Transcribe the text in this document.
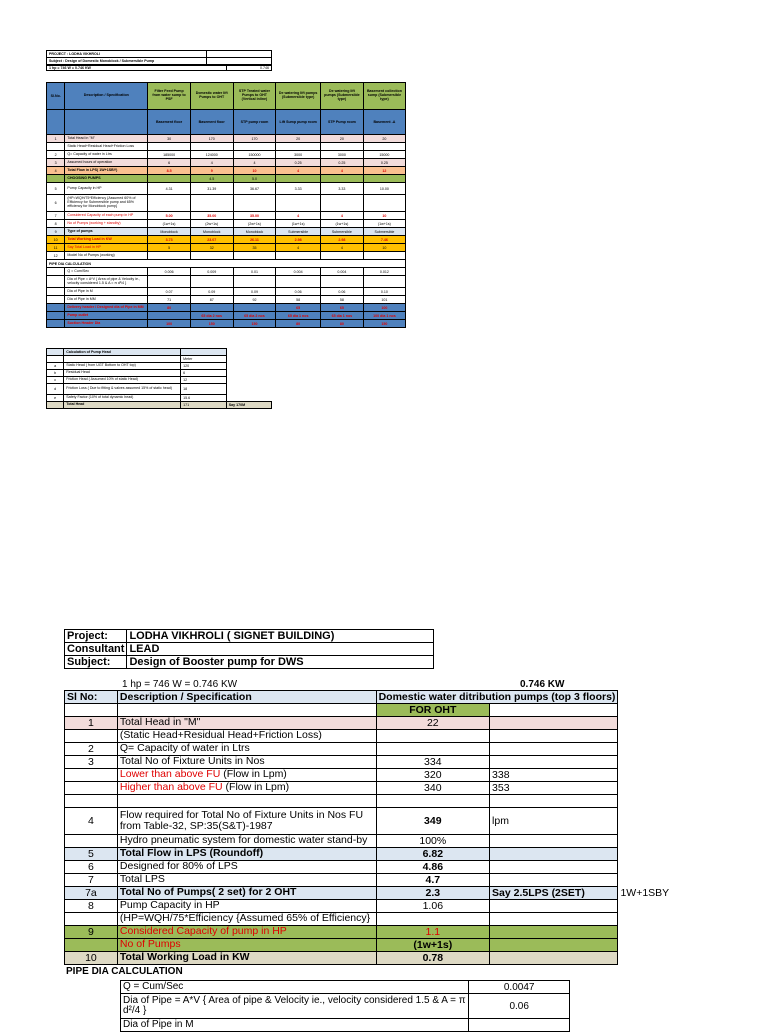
PROJECT : LODHA VIKHROLI	
Subject : Design of Domestic Monoblock / Submersible Pump	
1 hp = 746 W = 0.746 KW	0.746
Sl.No.	Description / Specification	Filter Feed Pump from water sump to PSF	Domestic water lift Pumps to OHT	STP Treated water Pumps to OHT (Vertical inline)	De watering lift pumps (Submersible type)	De watering lift pumps (Submersible type)	Basement collection sump (Submersible type)
		Basement floor	Basement floor	STP pump room	Lift Sump pump room	STP Pump room	Basement -A
1	Total Head in "M"	30	170	170	20	20	20
	Static Head+Residual Head+Friction Loss						
2	Q= Capacity of water in Ltrs	185000	124000	150000	3000	3000	15000
3	Assumed hours of operation	6	4	4	0.25	0.25	0.25
4	Total Flow in LPS( 1W+1SBY)	8.5	9	10	4	4	12
	CHOOSING PUMPS		4.5	5.0			
5	Pump Capacity in HP	4.31	31.39	36.67	3.33	3.33	10.00
6	(HP=WQH/75*Efficiency {Assumed 60% of Efficiency for Submersible pump and 65% efficiency for Monoblock pump}						
7	Considered Capacity of each pump in HP	5.00	35.00	35.00	4	4	10
8	No of Pumps (working + standby)	(1w+1s)	(2w+1s)	(2w+1s)	(1w+1s)	(1w+1s)	(1w+1s)
9	Type of pumps	Monoblock	Monoblock	Monoblock	Submersible	Submersible	Submersible
10	Total Working Load in KW	3.73	23.07	26.11	2.98	2.98	7.46
11	Say Total Load in HP	5	32	35	4	4	10
12	Model No of Pumps (working)						
PIPE DIA CALCULATION							
	Q = Cum/Sec	0.006	0.009	0.01	0.004	0.004	0.012
	Dia of Pipe = A*V { Area of pipe & Velocity ie., velocity considered 1.5 & A = π d²/4 }						
	Dia of Pipe in M	0.07	0.09	0.09	0.06	0.06	0.10
	Dia of Pipe in MM	71	87	92	58	58	101
	Delivery header / Designed dia of Pipe in MM	80			65	65	100
	Pump outlet		65 dia 2 nos	65 dia 2 nos	65 dia 1 nos	65 dia 1 nos	100 dia 1 nos
	Suction Header Dia	100	150	150	80	80	150
	Calculation of Pump Head		
		Meter	
a	Static Head ( from UGT Bottom to OHT top)	120	
b	Residual Head	6	
c	Friction Head ( Assumed 10% of static Head)	12	
d	Friction Loss ( Due to fitting & valves assumed 15% of static head)	18	
e	Safety Factor (10% of total dynamic head)	15.6	
	Total Head	171	Say 170M
Project:	LODHA VIKHROLI ( SIGNET BUILDING)
Consultant	LEAD
Subject:	Design of Booster pump for DWS
1 hp = 746 W = 0.746 KW	0.746 KW
Sl No:	Description / Specification	Domestic water ditribution pumps (top 3 floors)		
		FOR OHT		
1	Total Head in "M"	22		
	(Static Head+Residual Head+Friction Loss)			
2	Q= Capacity of water in Ltrs			
3	Total No of Fixture Units in Nos	334		
	Lower than above FU (Flow in Lpm)	320	338	
	Higher than above FU (Flow in Lpm)	340	353	

4	Flow required for Total No of Fixture Units in Nos FU from Table-32, SP:35(S&T)-1987	349	lpm	
	Hydro pneumatic system for domestic water stand-by	100%		
5	Total Flow in LPS (Roundoff)	6.82		
6	Designed for 80% of LPS	4.86		
7	Total LPS	4.7		
7a	Total No of Pumps( 2 set) for 2 OHT	2.3	Say 2.5LPS (2SET)	1W+1SBY
8	Pump Capacity in HP	1.06		
	(HP=WQH/75*Efficiency {Assumed 65% of Efficiency}			
9	Considered Capacity of pump in HP	1.1		
	No of Pumps	(1w+1s)		
10	Total Working Load in KW	0.78		
PIPE DIA CALCULATION
Q = Cum/Sec	0.0047
Dia of Pipe = A*V { Area of pipe & Velocity ie., velocity considered 1.5 & A = π d²/4 }	0.06
Dia of Pipe in M	
